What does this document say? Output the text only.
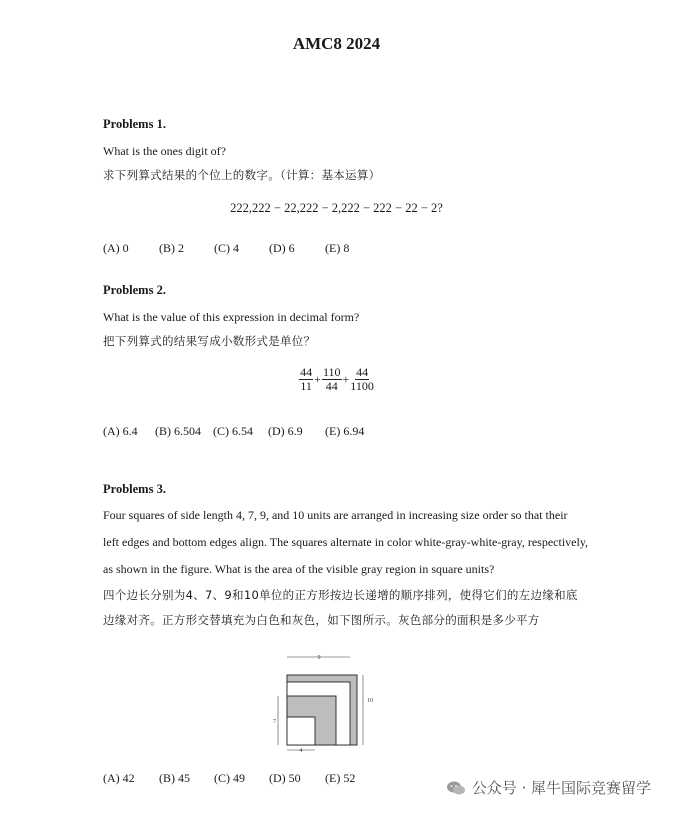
AMC8 2024
Problems 1.
What is the ones digit of?
求下列算式结果的个位上的数字。（计算：基本运算）
222,222 − 22,222 − 2,222 − 222 − 22 − 2?
(A) 0	(B) 2	(C) 4	(D) 6	(E) 8
Problems 2.
What is the value of this expression in decimal form?
把下列算式的结果写成小数形式是单位？
$\frac{44}{11} + \frac{110}{44} + \frac{44}{1100}$
(A) 6.4	(B) 6.504	(C) 6.54	(D) 6.9	(E) 6.94
Problems 3.
Four squares of side length 4, 7, 9, and 10 units are arranged in increasing size order so that their
left edges and bottom edges align. The squares alternate in color white-gray-white-gray, respectively,
as shown in the figure. What is the area of the visible gray region in square units?
四个边长分别为4、7、9和10单位的正方形按边长递增的顺序排列，使得它们的左边缘和底
边缘对齐。正方形交替填充为白色和灰色，如下图所示。灰色部分的面积是多少平方
9
10
7
4
(A) 42	(B) 45	(C) 49	(D) 50	(E) 52
公众号 · 犀牛国际竞赛留学
